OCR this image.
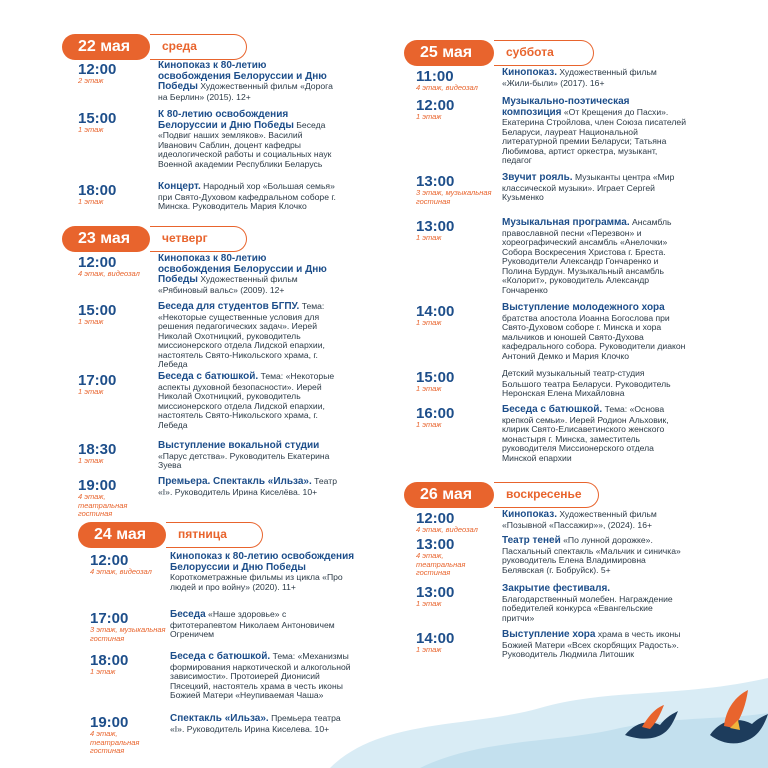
22 мая	среда
12:00
2 этаж
Кинопоказ к 80-летию освобождения Белоруссии и Дню Победы Художественный фильм «Дорога на Берлин» (2015). 12+
15:00
1 этаж
К 80-летию освобождения Белоруссии и Дню Победы Беседа «Подвиг наших земляков». Василий Иванович Саблин, доцент кафедры идеологической работы и социальных наук Военной академии Республики Беларусь
18:00
1 этаж
Концерт. Народный хор «Большая семья» при Свято-Духовом кафедральном соборе г. Минска. Руководитель Мария Клочко
23 мая	четверг
12:00
4 этаж, видеозал
Кинопоказ к 80-летию освобождения Белоруссии и Дню Победы Художественный фильм «Рябиновый вальс» (2009). 12+
15:00
1 этаж
Беседа для студентов БГПУ. Тема: «Некоторые существенные условия для решения педагогических задач». Иерей Николай Охотницкий, руководитель миссионерского отдела Лидской епархии, настоятель Свято-Никольского храма, г. Лебеда
17:00
1 этаж
Беседа с батюшкой. Тема: «Некоторые аспекты духовной безопасности». Иерей Николай Охотницкий, руководитель миссионерского отдела Лидской епархии, настоятель Свято-Никольского храма, г. Лебеда
18:30
1 этаж
Выступление вокальной студии «Парус детства». Руководитель Екатерина Зуева
19:00
4 этаж, театральная гостиная
Премьера. Спектакль «Ильза». Театр «I». Руководитель Ирина Киселёва. 10+
24 мая	пятница
12:00
4 этаж, видеозал
Кинопоказ к 80-летию освобождения Белоруссии и Дню Победы Короткометражные фильмы из цикла «Про людей и про войну» (2020). 11+
17:00
3 этаж, музыкальная гостиная
Беседа «Наше здоровье» с фитотерапевтом Николаем Антоновичем Огреничем
18:00
1 этаж
Беседа с батюшкой. Тема: «Механизмы формирования наркотической и алкогольной зависимости». Протоиерей Дионисий Пясецкий, настоятель храма в честь иконы Божией Матери «Неупиваемая Чаша»
19:00
4 этаж, театральная гостиная
Спектакль «Ильза». Премьера театра «I». Руководитель Ирина Киселева. 10+
25 мая	суббота
11:00
4 этаж, видеозал
Кинопоказ. Художественный фильм «Жили-были» (2017). 16+
12:00
1 этаж
Музыкально-поэтическая композиция «От Крещения до Пасхи». Екатерина Стройлова, член Союза писателей Беларуси, лауреат Национальной литературной премии Беларуси; Татьяна Любимова, артист оркестра, музыкант, педагог
13:00
3 этаж, музыкальная гостиная
Звучит рояль. Музыканты центра «Мир классической музыки». Играет Сергей Кузьменко
13:00
1 этаж
Музыкальная программа. Ансамбль православной песни «Перезвон» и хореографический ансамбль «Анелочки» Собора Воскресения Христова г. Бреста. Руководители Александр Гончаренко и Полина Бурдун. Музыкальный ансамбль «Колорит», руководитель Александр Гончаренко
14:00
1 этаж
Выступление молодежного хора братства апостола Иоанна Богослова при Свято-Духовом соборе г. Минска и хора мальчиков и юношей Свято-Духова кафедрального собора. Руководители диакон Антоний Демко и Мария Клочко
15:00
1 этаж
Детский музыкальный театр-студия Большого театра Беларуси. Руководитель Неронская Елена Михайловна
16:00
1 этаж
Беседа с батюшкой. Тема: «Основа крепкой семьи». Иерей Родион Альховик, клирик Свято-Елисаветинского женского монастыря г. Минска, заместитель руководителя Миссионерского отдела Минской епархии
26 мая	воскресенье
12:00
4 этаж, видеозал
Кинопоказ. Художественный фильм «Позывной «Пассажир»», (2024). 16+
13:00
4 этаж, театральная гостиная
Театр теней «По лунной дорожке». Пасхальный спектакль «Мальчик и синичка» руководитель Елена Владимировна Белявская (г. Бобруйск). 5+
13:00
1 этаж
Закрытие фестиваля. Благодарственный молебен. Награждение победителей конкурса «Евангельские притчи»
14:00
1 этаж
Выступление хора храма в честь иконы Божией Матери «Всех скорбящих Радость». Руководитель Людмила Литошик
